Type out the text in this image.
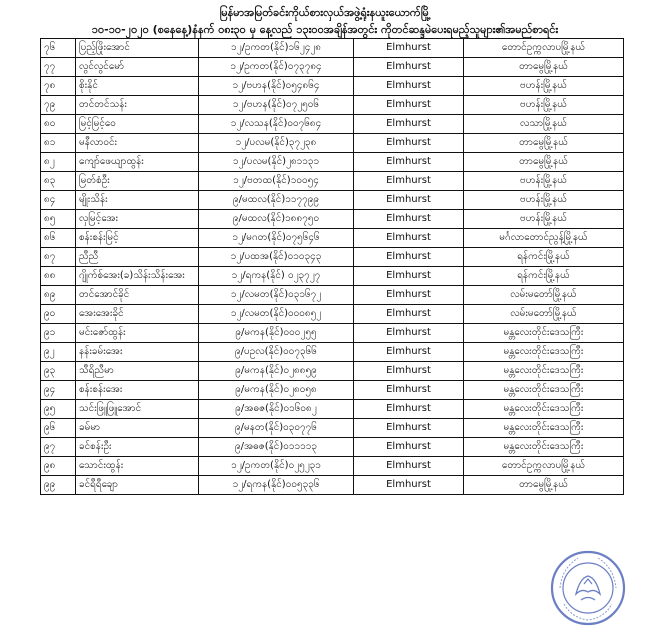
မြန်မာအမြတ်ခင်းကိုယ်စားလှယ်အဖွဲ့ရုံးနယူးယောက်မြို့
၁၀-၁၀-၂၀၂၀ (စနေနေ့)နံနက် ၀၈း၃၀ မှ နေ့လည် ၁၃း၀၀အချိန်အတွင်း ကိုတင်ဆန္ဒမဲပေးရမည့်သူများ၏အမည်စာရင်း
၇၆	ပြည့်ဖြိုးအောင်	၁၂/ဥကတ(နိုင်)၁၆၂၄၂၈	Elmhurst	တောင်ဥက္ကလာပမြို့နယ်
၇၇	လွင်လွင်မော်	၁၂/ဥကတ(နိုင်)၀၇၃၇၈၄	Elmhurst	တာမွေမြို့နယ်
၇၈	စိုးနိုင်	၁၂/ဗဟန(နိုင်)၀၅၄၈၆၄	Elmhurst	ဗဟန်းမြို့နယ်
၇၉	တင်တင်သန်း	၁၂/ဗဟန(နိုင်)၀၇၂၅၀၆	Elmhurst	ဗဟန်းမြို့နယ်
၈၀	မြင့်မြင့်ဝေ	၁၂/လသန(နိုင်)၀၀၇၆၈၄	Elmhurst	လသာမြို့နယ်
၈၁	မနီလာဝင်း	၁၂/ပလမ(နိုင်)၃၇၂၃၈	Elmhurst	တာမွေမြို့နယ်
၈၂	ကျော်ဖေယျာထွန်း	၁၂/ပလမ(နိုင်)၂၈၁၁၃၁	Elmhurst	တာမွေမြို့နယ်
၈၃	မြတ်စံဦး	၁၂/ဗတထ(နိုင်)၁၀၀၅၄	Elmhurst	ဗဟန်းမြို့နယ်
၈၄	မျိုးသိန်း	၉/မထလ(နိုင်)၁၁၇၇၉၉	Elmhurst	ဗဟန်းမြို့နယ်
၈၅	လှမြင့်အေး	၉/မထလ(နိုင်)၁၈၈၇၅၀	Elmhurst	ဗဟန်းမြို့နယ်
၈၆	စန်းစန်းမြင့်	၁၂/မဂတ(နိုင်)၀၇၅၆၄၆	Elmhurst	မင်္ဂလာတောင်ညွန့်မြို့နယ်
၈၇	ညီညီ	၁၂/ပထအ(နိုင်)၀၁၀၃၄၃	Elmhurst	ရန်ကင်းမြို့နယ်
၈၈	ဂျိုက်စ်အေး(ခ)သိန်းသိန်းအေး	၁၂/ရကန(နိုင်) ၀၂၃၇၂၇	Elmhurst	ရန်ကင်းမြို့နယ်
၈၉	တင်အောင်ခိုင်	၁၂/လမတ(နိုင်)၀၃၁၆၇၂	Elmhurst	လမ်းမတော်မြို့နယ်
၉၀	အေးအေးခိုင်	၁၂/လမတ(နိုင်)၀၀၀၈၅၂	Elmhurst	လမ်းမတော်မြို့နယ်
၉၁	မင်းဇော်ထွန်း	၉/မကန(နိုင်)၀၀၀၂၅၅	Elmhurst	မန္တလေးတိုင်းဒေသကြီး
၉၂	နန်းခမ်းအေး	၉/ပဥလ(နိုင်)၀၀၇၃၆၆	Elmhurst	မန္တလေးတိုင်းဒေသကြီး
၉၃	သီရိညီမာ	၉/မကန(နိုင်)၀၂၈၈၅၉	Elmhurst	မန္တလေးတိုင်းဒေသကြီး
၉၄	စန်းစန်းအေး	၉/မကန(နိုင်)၀၂၈၀၅၈	Elmhurst	မန္တလေးတိုင်းဒေသကြီး
၉၅	သင်းဖြူဖြူအောင်	၉/အဓဇ(နိုင်)၀၁၆၀၈၂	Elmhurst	မန္တလေးတိုင်းဒေသကြီး
၉၆	ခမ်မာ	၉/မနတ(နိုင်)၀၃၀၇၇၆	Elmhurst	မန္တလေးတိုင်းဒေသကြီး
၉၇	ခင်စန်းဦး	၉/အဓဇ(နိုင်)၀၁၁၁၁၃	Elmhurst	မန္တလေးတိုင်းဒေသကြီး
၉၈	သောင်းထွန်း	၁၂/ဥကတ(နိုင်)၀၂၅၂၃၁	Elmhurst	တောင်ဥက္ကလာပမြို့နယ်
၉၉	ခင်ရီရီချော	၁၂/ရကန(နိုင်)၀၀၅၃၃၆	Elmhurst	တာမွေမြို့နယ်
